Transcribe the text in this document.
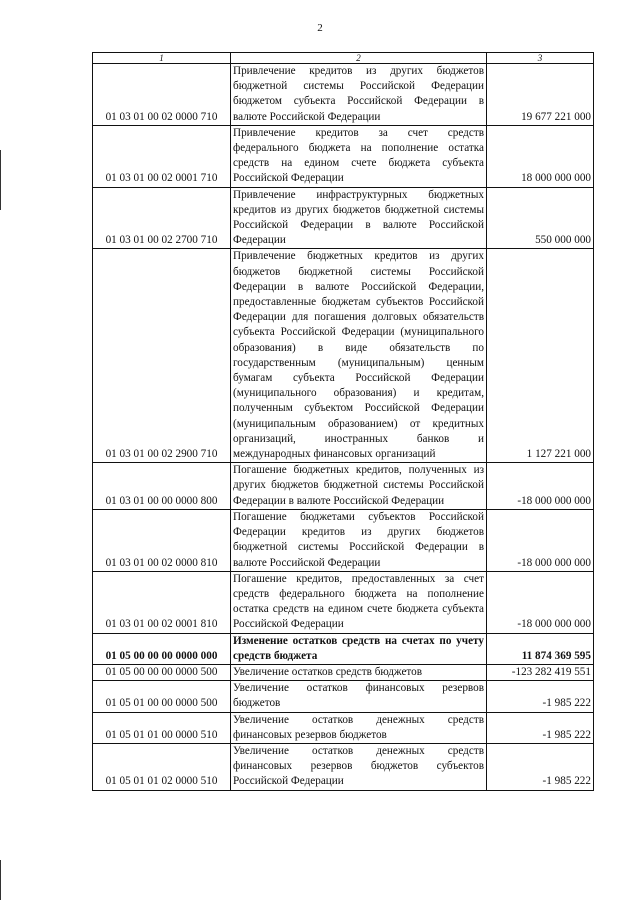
2
1	2	3
01 03 01 00 02 0000 710	Привлечение кредитов из других бюджетов бюджетной системы Российской Федерации бюджетом субъекта Российской Федерации в валюте Российской Федерации	19 677 221 000
01 03 01 00 02 0001 710	Привлечение кредитов за счет средств федерального бюджета на пополнение остатка средств на едином счете бюджета субъекта Российской Федерации	18 000 000 000
01 03 01 00 02 2700 710	Привлечение инфраструктурных бюджетных кредитов из других бюджетов бюджетной системы Российской Федерации в валюте Российской Федерации	550 000 000
01 03 01 00 02 2900 710	Привлечение бюджетных кредитов из других бюджетов бюджетной системы Российской Федерации в валюте Российской Федерации, предоставленные бюджетам субъектов Российской Федерации для погашения долговых обязательств субъекта Российской Федерации (муниципального образования) в виде обязательств по государственным (муниципальным) ценным бумагам субъекта Российской Федерации (муниципального образования) и кредитам, полученным субъектом Российской Федерации (муниципальным образованием) от кредитных организаций, иностранных банков и международных финансовых организаций	1 127 221 000
01 03 01 00 00 0000 800	Погашение бюджетных кредитов, полученных из других бюджетов бюджетной системы Российской Федерации в валюте Российской Федерации	-18 000 000 000
01 03 01 00 02 0000 810	Погашение бюджетами субъектов Российской Федерации кредитов из других бюджетов бюджетной системы Российской Федерации в валюте Российской Федерации	-18 000 000 000
01 03 01 00 02 0001 810	Погашение кредитов, предоставленных за счет средств федерального бюджета на пополнение остатка средств на едином счете бюджета субъекта Российской Федерации	-18 000 000 000
01 05 00 00 00 0000 000	Изменение остатков средств на счетах по учету средств бюджета	11 874 369 595
01 05 00 00 00 0000 500	Увеличение остатков средств бюджетов	-123 282 419 551
01 05 01 00 00 0000 500	Увеличение остатков финансовых резервов бюджетов	-1 985 222
01 05 01 01 00 0000 510	Увеличение остатков денежных средств финансовых резервов бюджетов	-1 985 222
01 05 01 01 02 0000 510	Увеличение остатков денежных средств финансовых резервов бюджетов субъектов Российской Федерации	-1 985 222
